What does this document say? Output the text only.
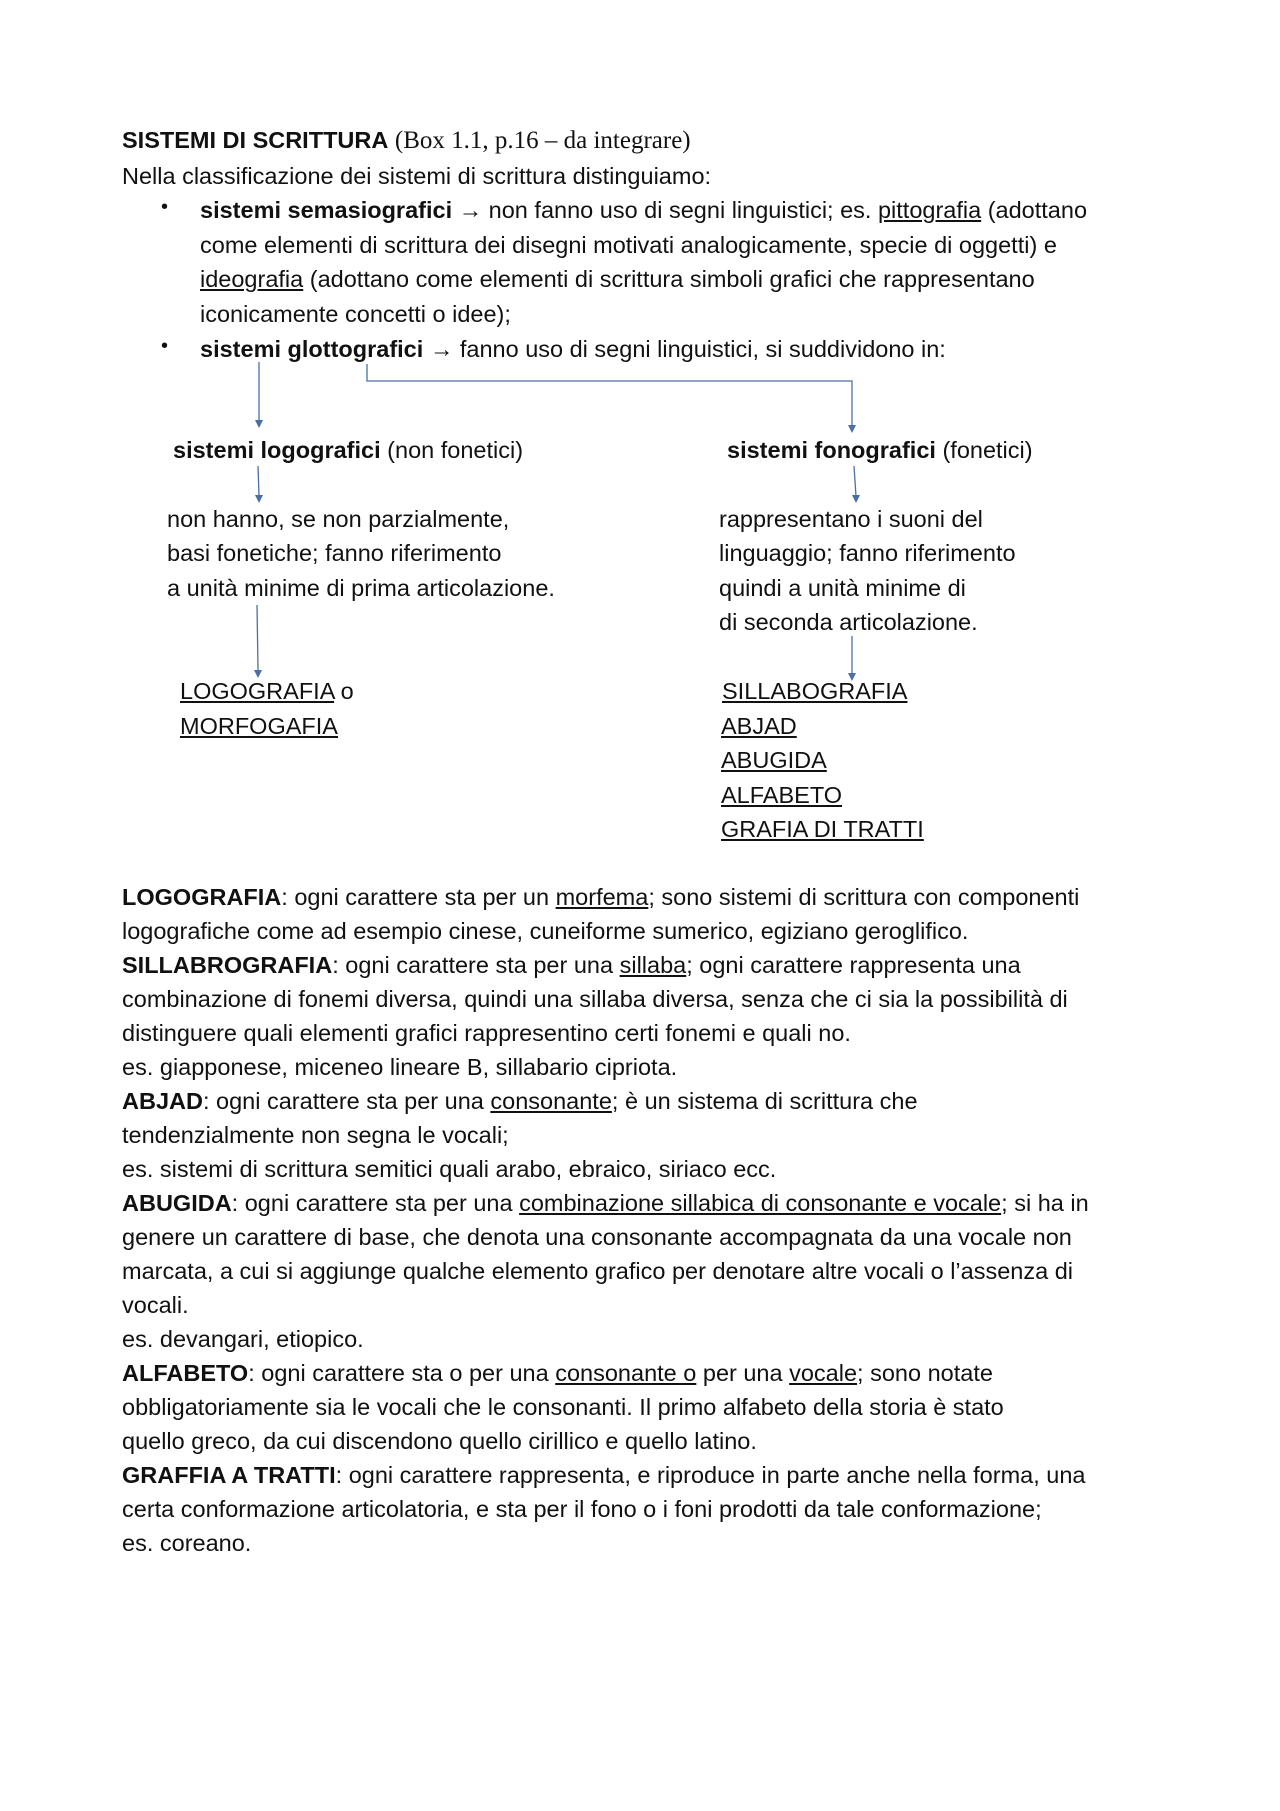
SISTEMI DI SCRITTURA (Box 1.1, p.16 – da integrare)
Nella classificazione dei sistemi di scrittura distinguiamo:
• sistemi semasiografici → non fanno uso di segni linguistici; es. pittografia (adottano
come elementi di scrittura dei disegni motivati analogicamente, specie di oggetti) e
ideografia (adottano come elementi di scrittura simboli grafici che rappresentano
iconicamente concetti o idee);
• sistemi glottografici → fanno uso di segni linguistici, si suddividono in:
sistemi logografici (non fonetici)
non hanno, se non parzialmente,
basi fonetiche; fanno riferimento
a unità minime di prima articolazione.
LOGOGRAFIA o
MORFOGAFIA
sistemi fonografici (fonetici)
rappresentano i suoni del
linguaggio; fanno riferimento
quindi a unità minime di
di seconda articolazione.
SILLABOGRAFIA
ABJAD
ABUGIDA
ALFABETO
GRAFIA DI TRATTI
LOGOGRAFIA: ogni carattere sta per un morfema; sono sistemi di scrittura con componenti
logografiche come ad esempio cinese, cuneiforme sumerico, egiziano geroglifico.
SILLABROGRAFIA: ogni carattere sta per una sillaba; ogni carattere rappresenta una
combinazione di fonemi diversa, quindi una sillaba diversa, senza che ci sia la possibilità di
distinguere quali elementi grafici rappresentino certi fonemi e quali no.
es. giapponese, miceneo lineare B, sillabario cipriota.
ABJAD: ogni carattere sta per una consonante; è un sistema di scrittura che
tendenzialmente non segna le vocali;
es. sistemi di scrittura semitici quali arabo, ebraico, siriaco ecc.
ABUGIDA: ogni carattere sta per una combinazione sillabica di consonante e vocale; si ha in
genere un carattere di base, che denota una consonante accompagnata da una vocale non
marcata, a cui si aggiunge qualche elemento grafico per denotare altre vocali o l’assenza di
vocali.
es. devangari, etiopico.
ALFABETO: ogni carattere sta o per una consonante o per una vocale; sono notate
obbligatoriamente sia le vocali che le consonanti. Il primo alfabeto della storia è stato
quello greco, da cui discendono quello cirillico e quello latino.
GRAFFIA A TRATTI: ogni carattere rappresenta, e riproduce in parte anche nella forma, una
certa conformazione articolatoria, e sta per il fono o i foni prodotti da tale conformazione;
es. coreano.
